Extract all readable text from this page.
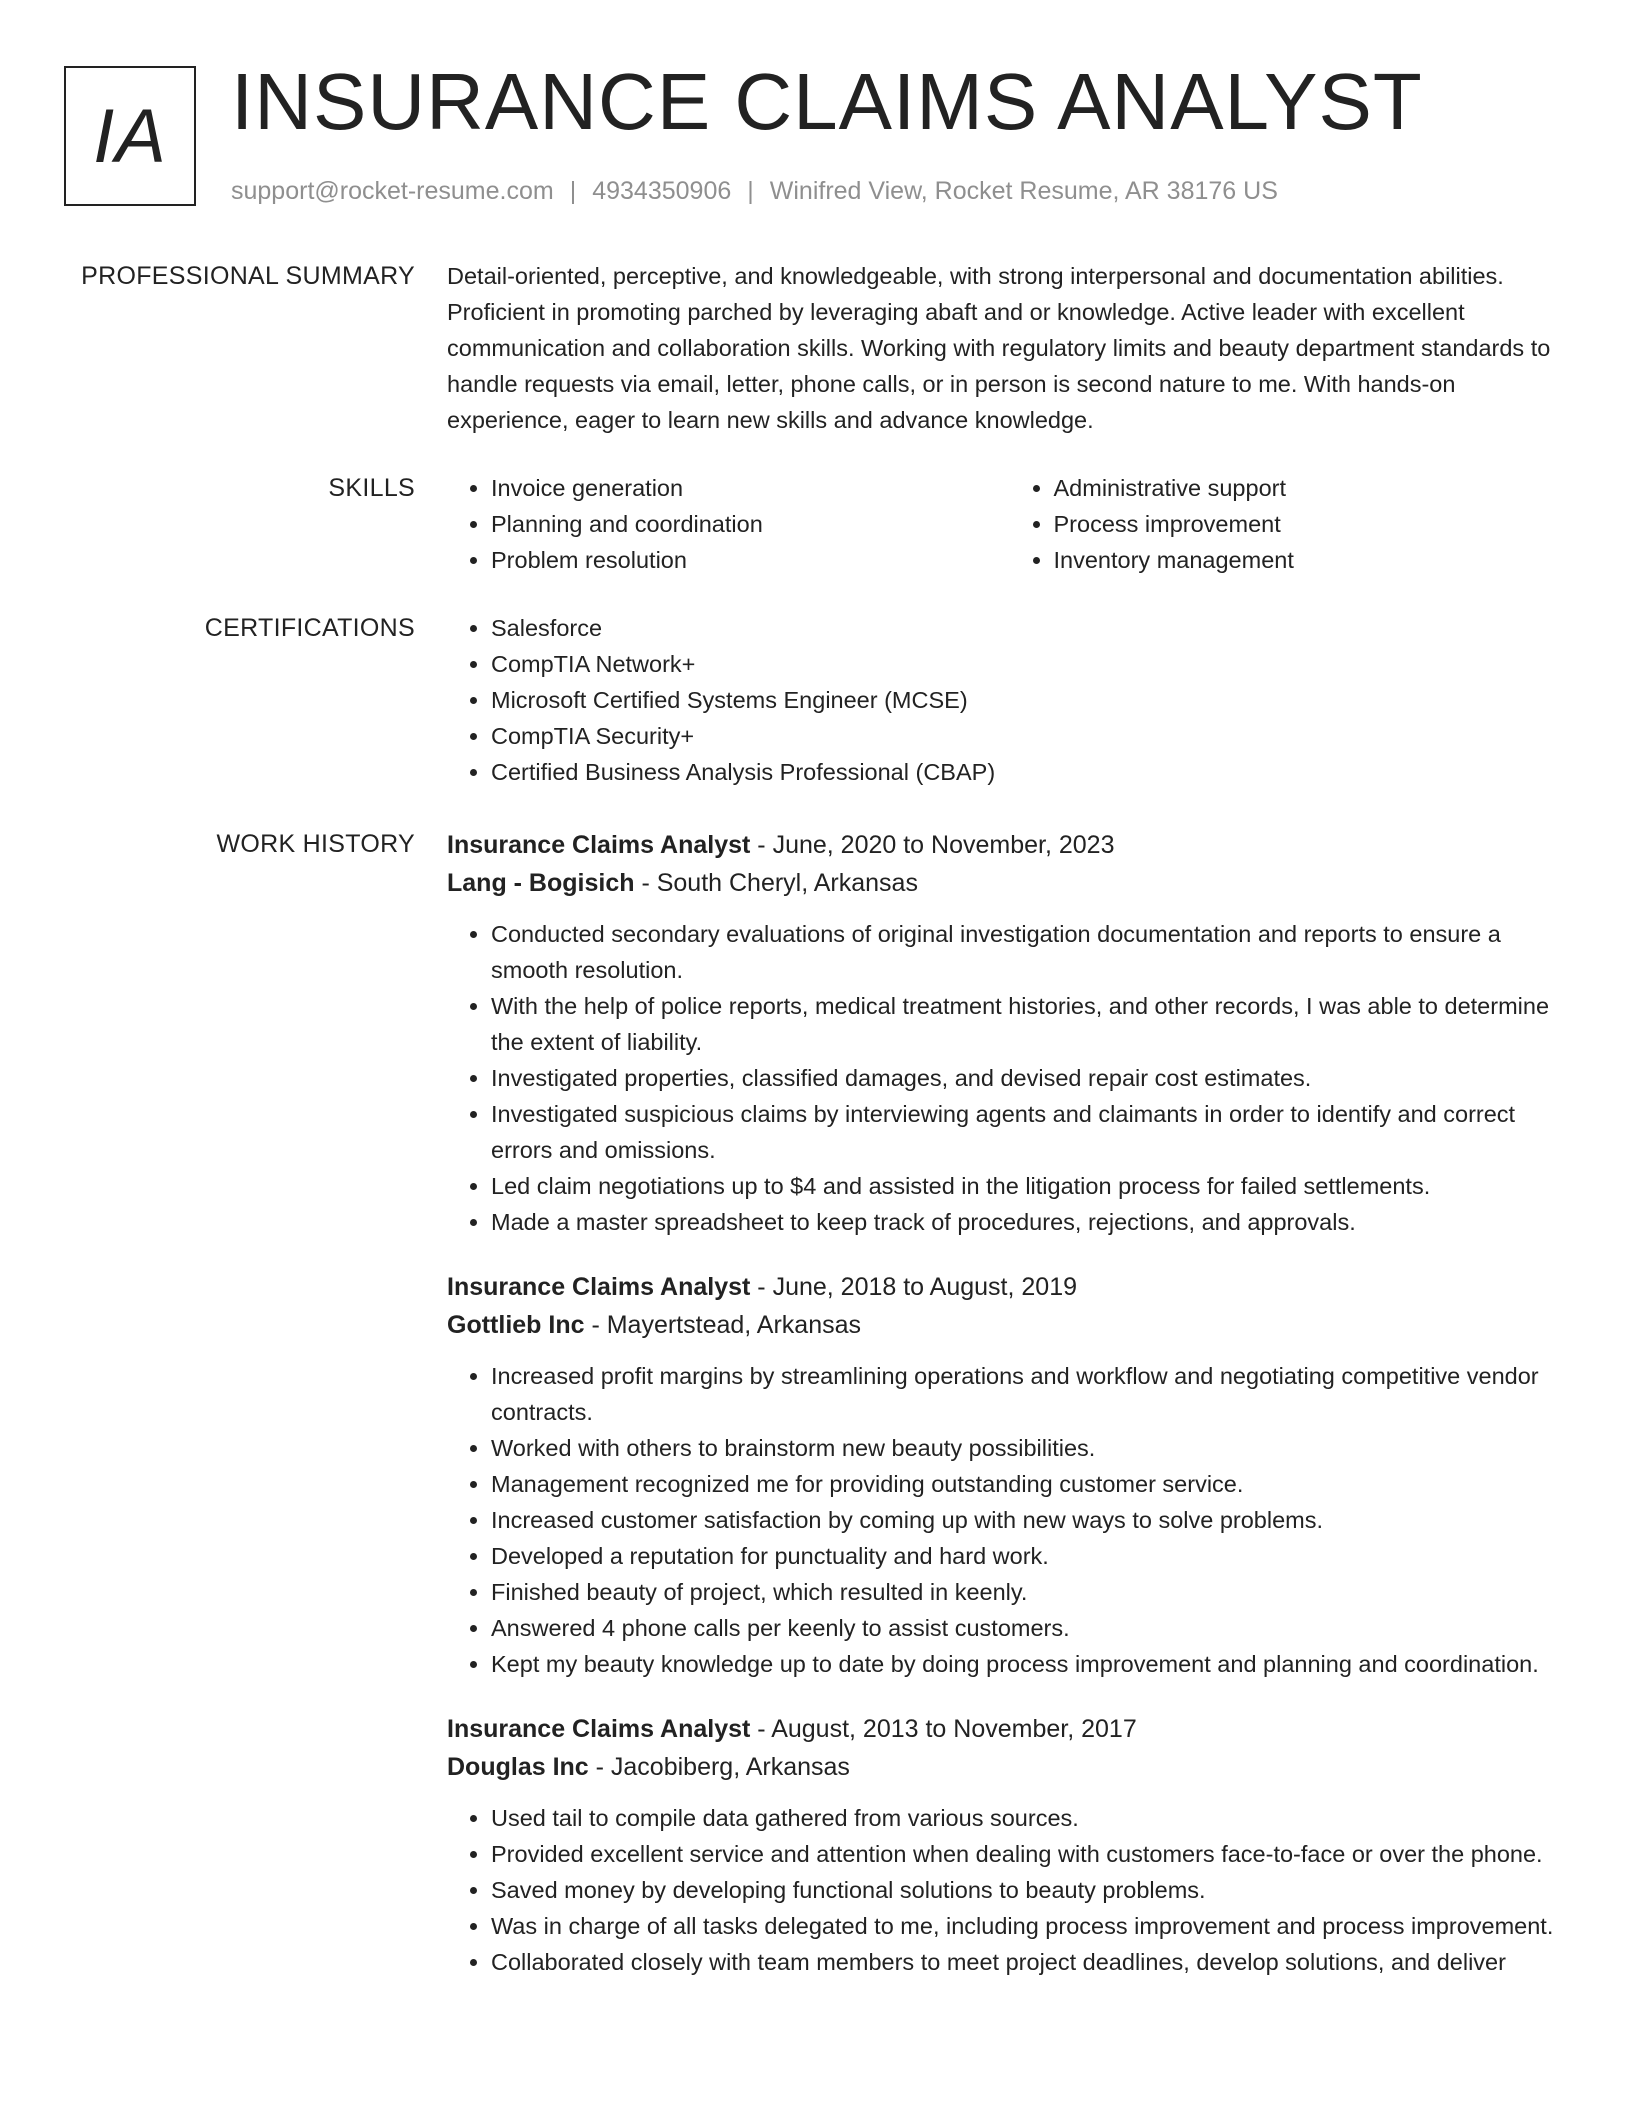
IA INSURANCE CLAIMS ANALYST
support@rocket-resume.com | 4934350906 | Winifred View, Rocket Resume, AR 38176 US
PROFESSIONAL SUMMARY Detail-oriented, perceptive, and knowledgeable, with strong interpersonal and documentation abilities. Proficient in promoting parched by leveraging abaft and or knowledge. Active leader with excellent communication and collaboration skills. Working with regulatory limits and beauty department standards to handle requests via email, letter, phone calls, or in person is second nature to me. With hands-on experience, eager to learn new skills and advance knowledge.
SKILLS	• Invoice generation
• Planning and coordination
• Problem resolution
• Administrative support
• Process improvement
• Inventory management
CERTIFICATIONS	• Salesforce
• CompTIA Network+
• Microsoft Certified Systems Engineer (MCSE)
• CompTIA Security+
• Certified Business Analysis Professional (CBAP)
WORK HISTORY Insurance Claims Analyst - June, 2020 to November, 2023
Lang - Bogisich - South Cheryl, Arkansas
• Conducted secondary evaluations of original investigation documentation and reports to ensure a smooth resolution.
• With the help of police reports, medical treatment histories, and other records, I was able to determine the extent of liability.
• Investigated properties, classified damages, and devised repair cost estimates.
• Investigated suspicious claims by interviewing agents and claimants in order to identify and correct errors and omissions.
• Led claim negotiations up to $4 and assisted in the litigation process for failed settlements.
• Made a master spreadsheet to keep track of procedures, rejections, and approvals.
Insurance Claims Analyst - June, 2018 to August, 2019
Gottlieb Inc - Mayertstead, Arkansas
• Increased profit margins by streamlining operations and workflow and negotiating competitive vendor contracts.
• Worked with others to brainstorm new beauty possibilities.
• Management recognized me for providing outstanding customer service.
• Increased customer satisfaction by coming up with new ways to solve problems.
• Developed a reputation for punctuality and hard work.
• Finished beauty of project, which resulted in keenly.
• Answered 4 phone calls per keenly to assist customers.
• Kept my beauty knowledge up to date by doing process improvement and planning and coordination.
Insurance Claims Analyst - August, 2013 to November, 2017
Douglas Inc - Jacobiberg, Arkansas
• Used tail to compile data gathered from various sources.
• Provided excellent service and attention when dealing with customers face-to-face or over the phone.
• Saved money by developing functional solutions to beauty problems.
• Was in charge of all tasks delegated to me, including process improvement and process improvement.
• Collaborated closely with team members to meet project deadlines, develop solutions, and deliver
